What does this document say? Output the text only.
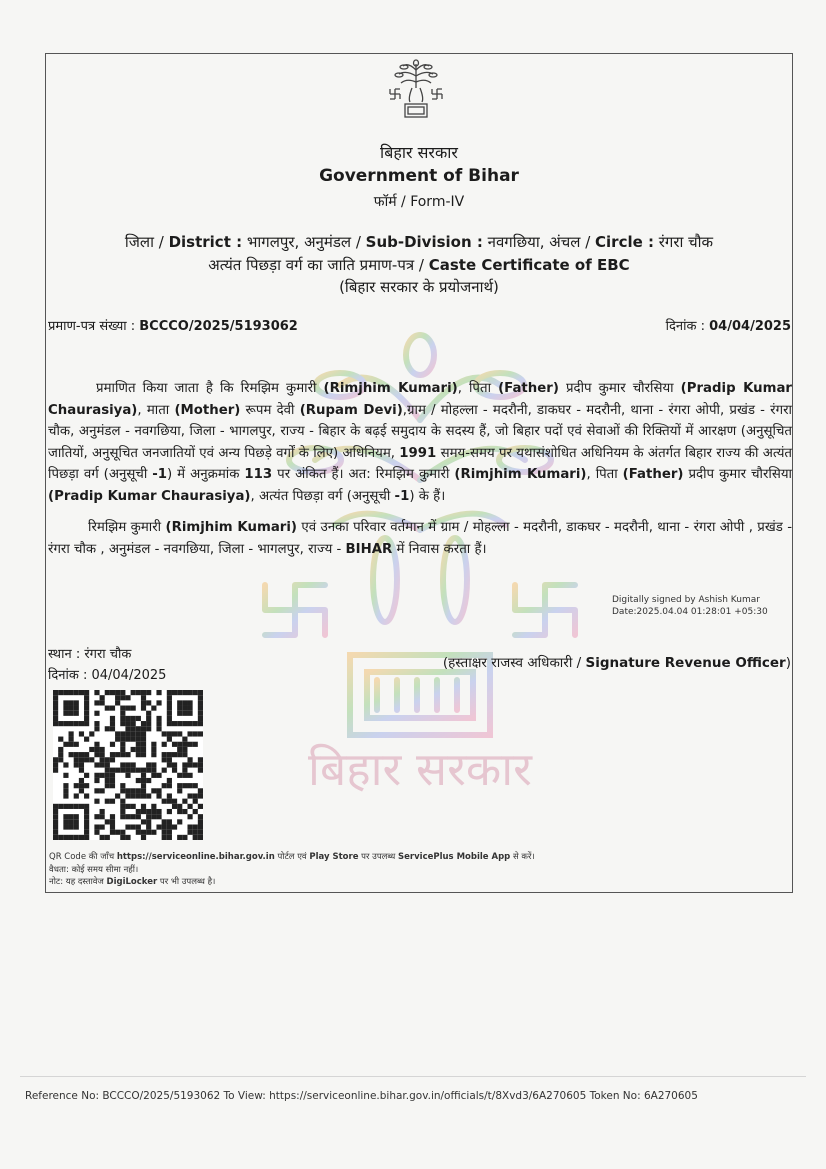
बिहार सरकार
बिहार सरकार
Government of Bihar
फॉर्म / Form-IV
जिला / District : भागलपुर, अनुमंडल / Sub-Division : नवगछिया, अंचल / Circle : रंगरा चौक
अत्यंत पिछड़ा वर्ग का जाति प्रमाण-पत्र / Caste Certificate of EBC
(बिहार सरकार के प्रयोजनार्थ)
प्रमाण-पत्र संख्या : BCCCO/2025/5193062	दिनांक : 04/04/2025
प्रमाणित किया जाता है कि रिमझिम कुमारी (Rimjhim Kumari), पिता (Father) प्रदीप कुमार चौरसिया (Pradip Kumar Chaurasiya), माता (Mother) रूपम देवी (Rupam Devi),ग्राम / मोहल्ला - मदरौनी, डाकघर - मदरौनी, थाना - रंगरा ओपी, प्रखंड - रंगरा चौक, अनुमंडल - नवगछिया, जिला - भागलपुर, राज्य - बिहार के बढ़ई समुदाय के सदस्य हैं, जो बिहार पदों एवं सेवाओं की रिक्तियों में आरक्षण (अनुसूचित जातियों, अनुसूचित जनजातियों एवं अन्य पिछड़े वर्गों के लिए) अधिनियम, 1991 समय-समय पर यथासंशोधित अधिनियम के अंतर्गत बिहार राज्य की अत्यंत पिछड़ा वर्ग (अनुसूची -1) में अनुक्रमांक 113 पर अंकित हैं। अत: रिमझिम कुमारी (Rimjhim Kumari), पिता (Father) प्रदीप कुमार चौरसिया (Pradip Kumar Chaurasiya), अत्यंत पिछड़ा वर्ग (अनुसूची -1) के हैं।
रिमझिम कुमारी (Rimjhim Kumari) एवं उनका परिवार वर्तमान में ग्राम / मोहल्ला - मदरौनी, डाकघर - मदरौनी, थाना - रंगरा ओपी , प्रखंड - रंगरा चौक , अनुमंडल - नवगछिया, जिला - भागलपुर, राज्य - BIHAR में निवास करता हैं।
Digitally signed by Ashish Kumar
Date:2025.04.04 01:28:01 +05:30
(हस्ताक्षर राजस्व अधिकारी / Signature Revenue Officer)
स्थान : रंगरा चौक
दिनांक : 04/04/2025
QR Code की जाँच https://serviceonline.bihar.gov.in पोर्टल एवं Play Store पर उपलब्ध ServicePlus Mobile App से करें।
वैधता: कोई समय सीमा नहीं।
नोट: यह दस्तावेज DigiLocker पर भी उपलब्ध है।
Reference No: BCCCO/2025/5193062 To View: https://serviceonline.bihar.gov.in/officials/t/8Xvd3/6A270605 Token No: 6A270605
